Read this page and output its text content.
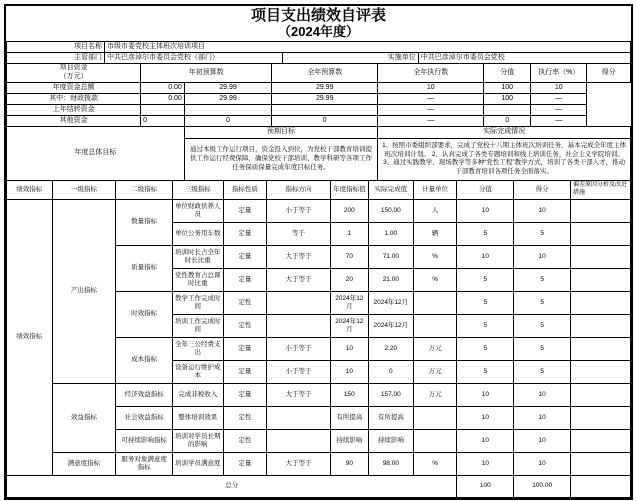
项目支出绩效自评表
（2024年度）
项目名称	市级市委党校主体班次培训项目		
主管部门	中共巴彦淖尔市委员会党校（部门）	实施单位	中共巴彦淖尔市委员会党校
项目资金
（万元）	年初预算数		全年预算数	全年执行数	分值	执行率（%）	得分
年度资金总额	0.00	29.99	29.99	10	100	10	
其中：财政拨款	0.00	29.99	29.99	—	100	—	
上年结转资金				—		—	
其他资金	0	0	0	—	0	—	
年度总体目标	预期目标	实际完成情况
	通过本级工作运行项目，资金投入到位，为党校干部教育培训提供工作运行经费保障，确保党校干部培训、教学科研等各项工作任务保质保量完成年度目标任务。	1、按照市委组织部要求，完成了党校十八期主体班次培训任务，基本完成全年度主体班次培训计划。 2、认真完成了各类专题培训和线上培训任务，社会主义学院培训。 3、通过实践教学、现场教学等多种“党性工程”教学方式，培训了各类干部人才，推动干部教育培训各项任务全面落实。
绩效指标	一级指标	二级指标	三级指标	指标性质	指标方向	年度指标值	实际完成值	计量单位	分值	得分	偏差原因分析及改进措施
绩效指标	产出指标	数量指标	单位财政供养人员	定量	小于等于	200	150.00	人	10	10	
			单位公务用车数	定量	等于	1	1.00	辆	5	5	
		质量指标	培训时长占全年时长比重	定量	大于等于	70	71.00	%	10	10	
			党性教育占总课时比重	定量	大于等于	20	21.00	%	5	5	
		时效指标	教学工作完成时间	定性		2024年12月	2024年12月		5	5	
			培训工作完成时间	定性		2024年12月	2024年12月		5	5	
		成本指标	全年三公经费支出	定量	小于等于	10	2.20	万元	5	5	
			设备运行维护成本	定量	小于等于	10	0	万元	5	5	
	效益指标	经济效益指标	完成非税收入	定量	大于等于	150	157.00	万元	10	10	
		社会效益指标	整体培训效果	定性		有所提高	有所提高		10	10	
		可持续影响指标	培训对学员长期的影响	定性		持续影响	持续影响		10	10	
	满意度指标	服务对象满意度指标	培训学员满意度	定量	大于等于	90	98.00	%	10	10	
总分									100	100.00	
